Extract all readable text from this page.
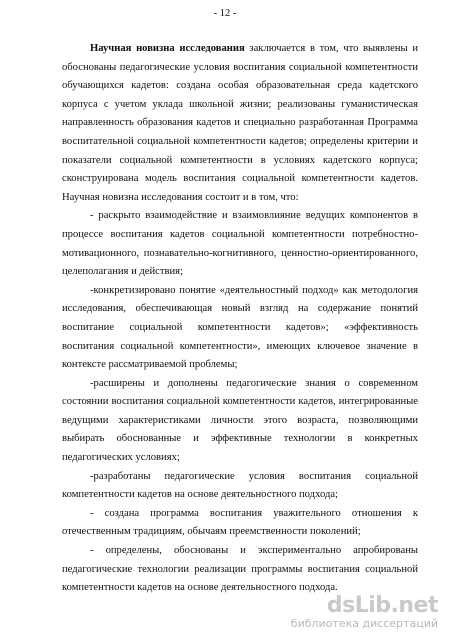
- 12 -

Научная новизна исследования заключается в том, что выявлены и обоснованы педагогические условия воспитания социальной компетентности обучающихся кадетов: создана особая образовательная среда кадетского корпуса с учетом уклада школьной жизни; реализованы гуманистическая направленность образования кадетов и специально разработанная Программа воспитательной социальной компетентности кадетов; определены критерии и показатели социальной компетентности в условиях кадетского корпуса; сконструирована модель воспитания социальной компетентности кадетов. Научная новизна исследования состоит и в том, что:

- раскрыто взаимодействие и взаимовлияние ведущих компонентов в процессе воспитания кадетов социальной компетентности потребностно-мотивационного, познавательно-когнитивного, ценностно-ориентированного, целеполагания и действия;

-конкретизировано понятие «деятельностный подход» как методология исследования, обеспечивающая новый взгляд на содержание понятий воспитание социальной компетентности кадетов»; «эффективность воспитания социальной компетентности», имеющих ключевое значение в контексте рассматриваемой проблемы;

-расширены и дополнены педагогические знания о современном состоянии воспитания социальной компетентности кадетов, интегрированные ведущими характеристиками личности этого возраста, позволяющими выбирать обоснованные и эффективные технологии в конкретных педагогических условиях;

-разработаны педагогические условия воспитания социальной компетентности кадетов на основе деятельностного подхода;

- создана программа воспитания уважительного отношения к отечественным традициям, обычаям преемственности поколений;

- определены, обоснованы и экспериментально апробированы педагогические технологии реализации программы воспитания социальной компетентности кадетов на основе деятельностного подхода.

dsLib.net
библиотека диссертаций
